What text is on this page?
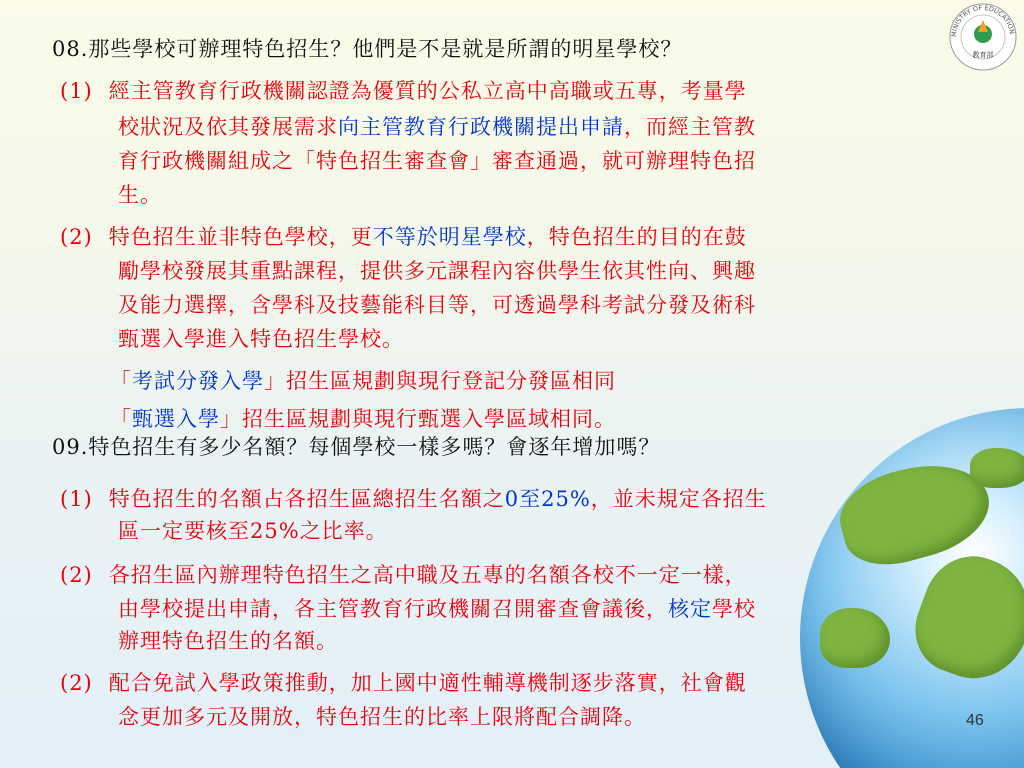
MINISTRY OF EDUCATION
教育部
08.那些學校可辦理特色招生？他們是不是就是所謂的明星學校？
(1) 經主管教育行政機關認證為優質的公私立高中高職或五專，考量學
校狀況及依其發展需求向主管教育行政機關提出申請，而經主管教
育行政機關組成之「特色招生審查會」審查通過，就可辦理特色招
生。
(2) 特色招生並非特色學校，更不等於明星學校，特色招生的目的在鼓
勵學校發展其重點課程，提供多元課程內容供學生依其性向、興趣
及能力選擇，含學科及技藝能科目等，可透過學科考試分發及術科
甄選入學進入特色招生學校。
「考試分發入學」招生區規劃與現行登記分發區相同
「甄選入學」招生區規劃與現行甄選入學區域相同。
09.特色招生有多少名額？每個學校一樣多嗎？會逐年增加嗎？
(1) 特色招生的名額占各招生區總招生名額之0至25%，並未規定各招生
區一定要核至25%之比率。
(2) 各招生區內辦理特色招生之高中職及五專的名額各校不一定一樣，
由學校提出申請，各主管教育行政機關召開審查會議後，核定學校
辦理特色招生的名額。
(2) 配合免試入學政策推動，加上國中適性輔導機制逐步落實，社會觀
念更加多元及開放，特色招生的比率上限將配合調降。	46
